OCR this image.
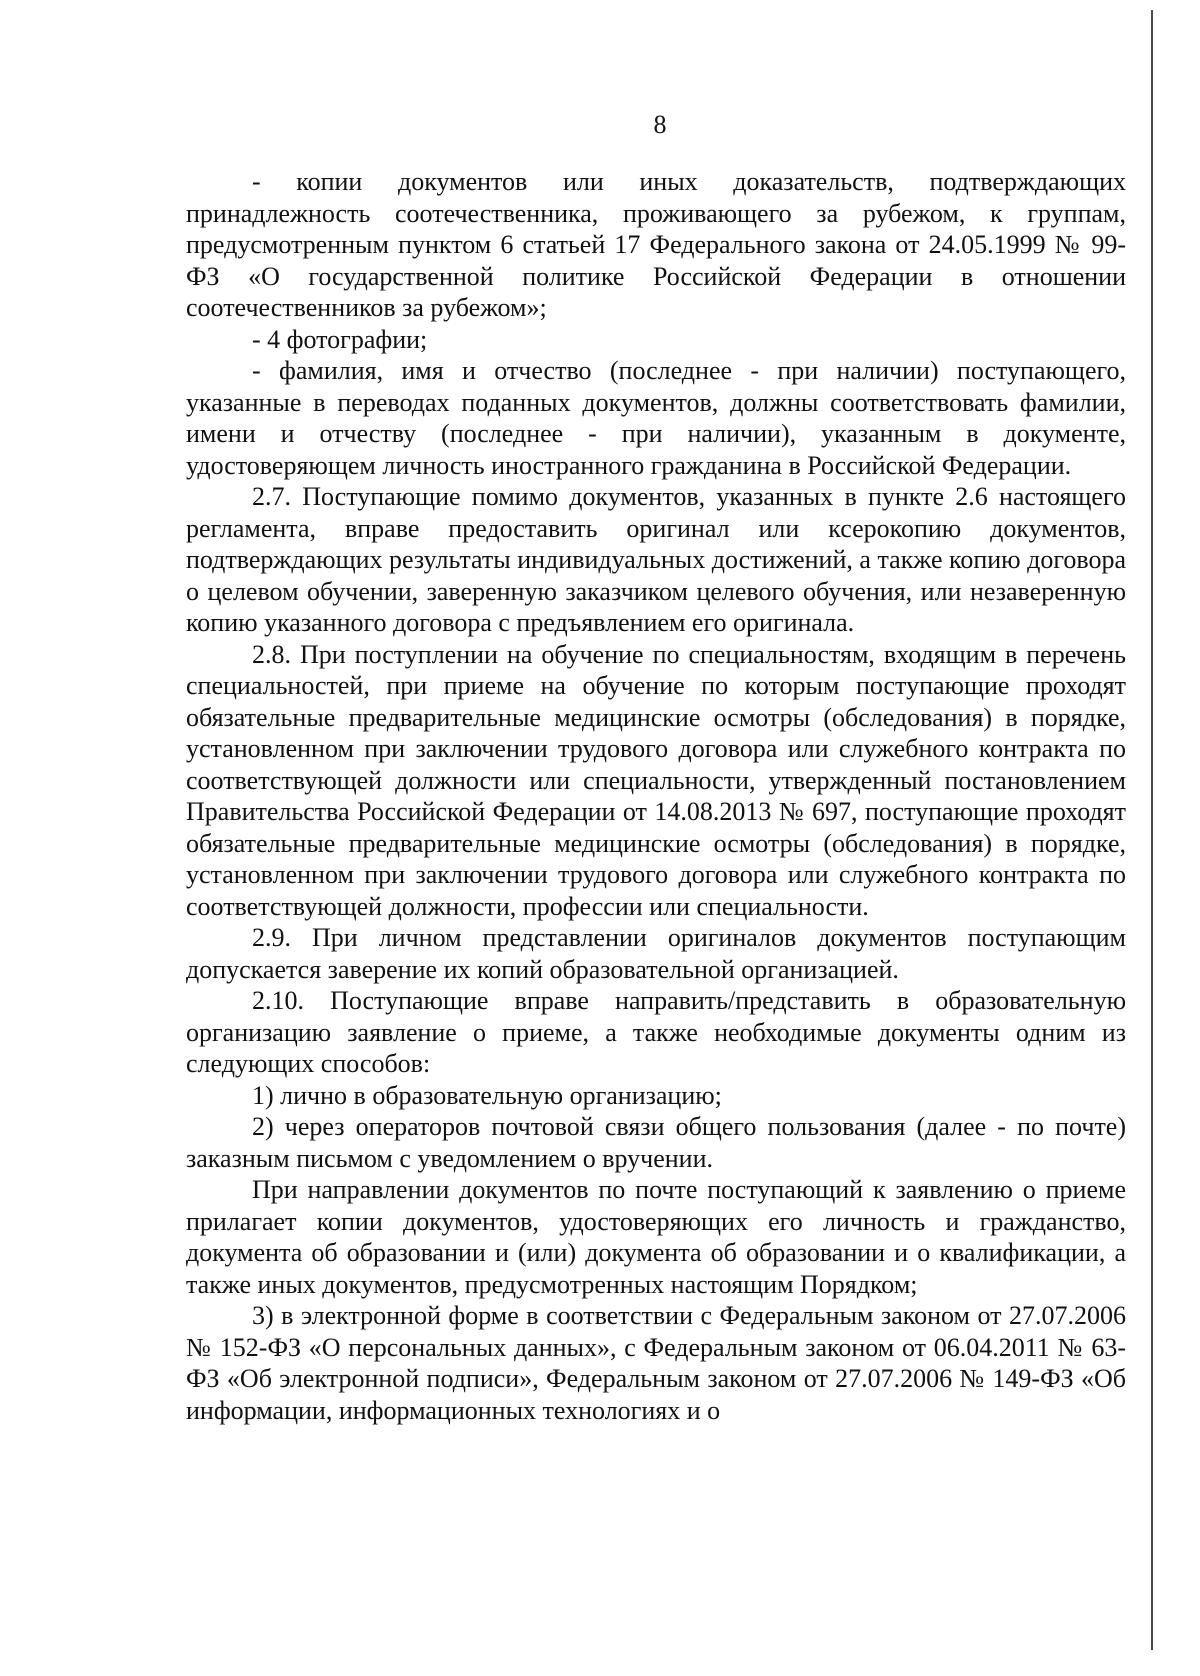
8

- копии документов или иных доказательств, подтверждающих принадлежность соотечественника, проживающего за рубежом, к группам, предусмотренным пунктом 6 статьей 17 Федерального закона от 24.05.1999 № 99-ФЗ «О государственной политике Российской Федерации в отношении соотечественников за рубежом»;

- 4 фотографии;

- фамилия, имя и отчество (последнее - при наличии) поступающего, указанные в переводах поданных документов, должны соответствовать фамилии, имени и отчеству (последнее - при наличии), указанным в документе, удостоверяющем личность иностранного гражданина в Российской Федерации.

2.7. Поступающие помимо документов, указанных в пункте 2.6 настоящего регламента, вправе предоставить оригинал или ксерокопию документов, подтверждающих результаты индивидуальных достижений, а также копию договора о целевом обучении, заверенную заказчиком целевого обучения, или незаверенную копию указанного договора с предъявлением его оригинала.

2.8. При поступлении на обучение по специальностям, входящим в перечень специальностей, при приеме на обучение по которым поступающие проходят обязательные предварительные медицинские осмотры (обследования) в порядке, установленном при заключении трудового договора или служебного контракта по соответствующей должности или специальности, утвержденный постановлением Правительства Российской Федерации от 14.08.2013 № 697, поступающие проходят обязательные предварительные медицинские осмотры (обследования) в порядке, установленном при заключении трудового договора или служебного контракта по соответствующей должности, профессии или специальности.

2.9. При личном представлении оригиналов документов поступающим допускается заверение их копий образовательной организацией.

2.10. Поступающие вправе направить/представить в образовательную организацию заявление о приеме, а также необходимые документы одним из следующих способов:

1) лично в образовательную организацию;

2) через операторов почтовой связи общего пользования (далее - по почте) заказным письмом с уведомлением о вручении.

При направлении документов по почте поступающий к заявлению о приеме прилагает копии документов, удостоверяющих его личность и гражданство, документа об образовании и (или) документа об образовании и о квалификации, а также иных документов, предусмотренных настоящим Порядком;

3) в электронной форме в соответствии с Федеральным законом от 27.07.2006 № 152-ФЗ «О персональных данных», с Федеральным законом от 06.04.2011 № 63-ФЗ «Об электронной подписи», Федеральным законом от 27.07.2006 № 149-ФЗ «Об информации, информационных технологиях и о
